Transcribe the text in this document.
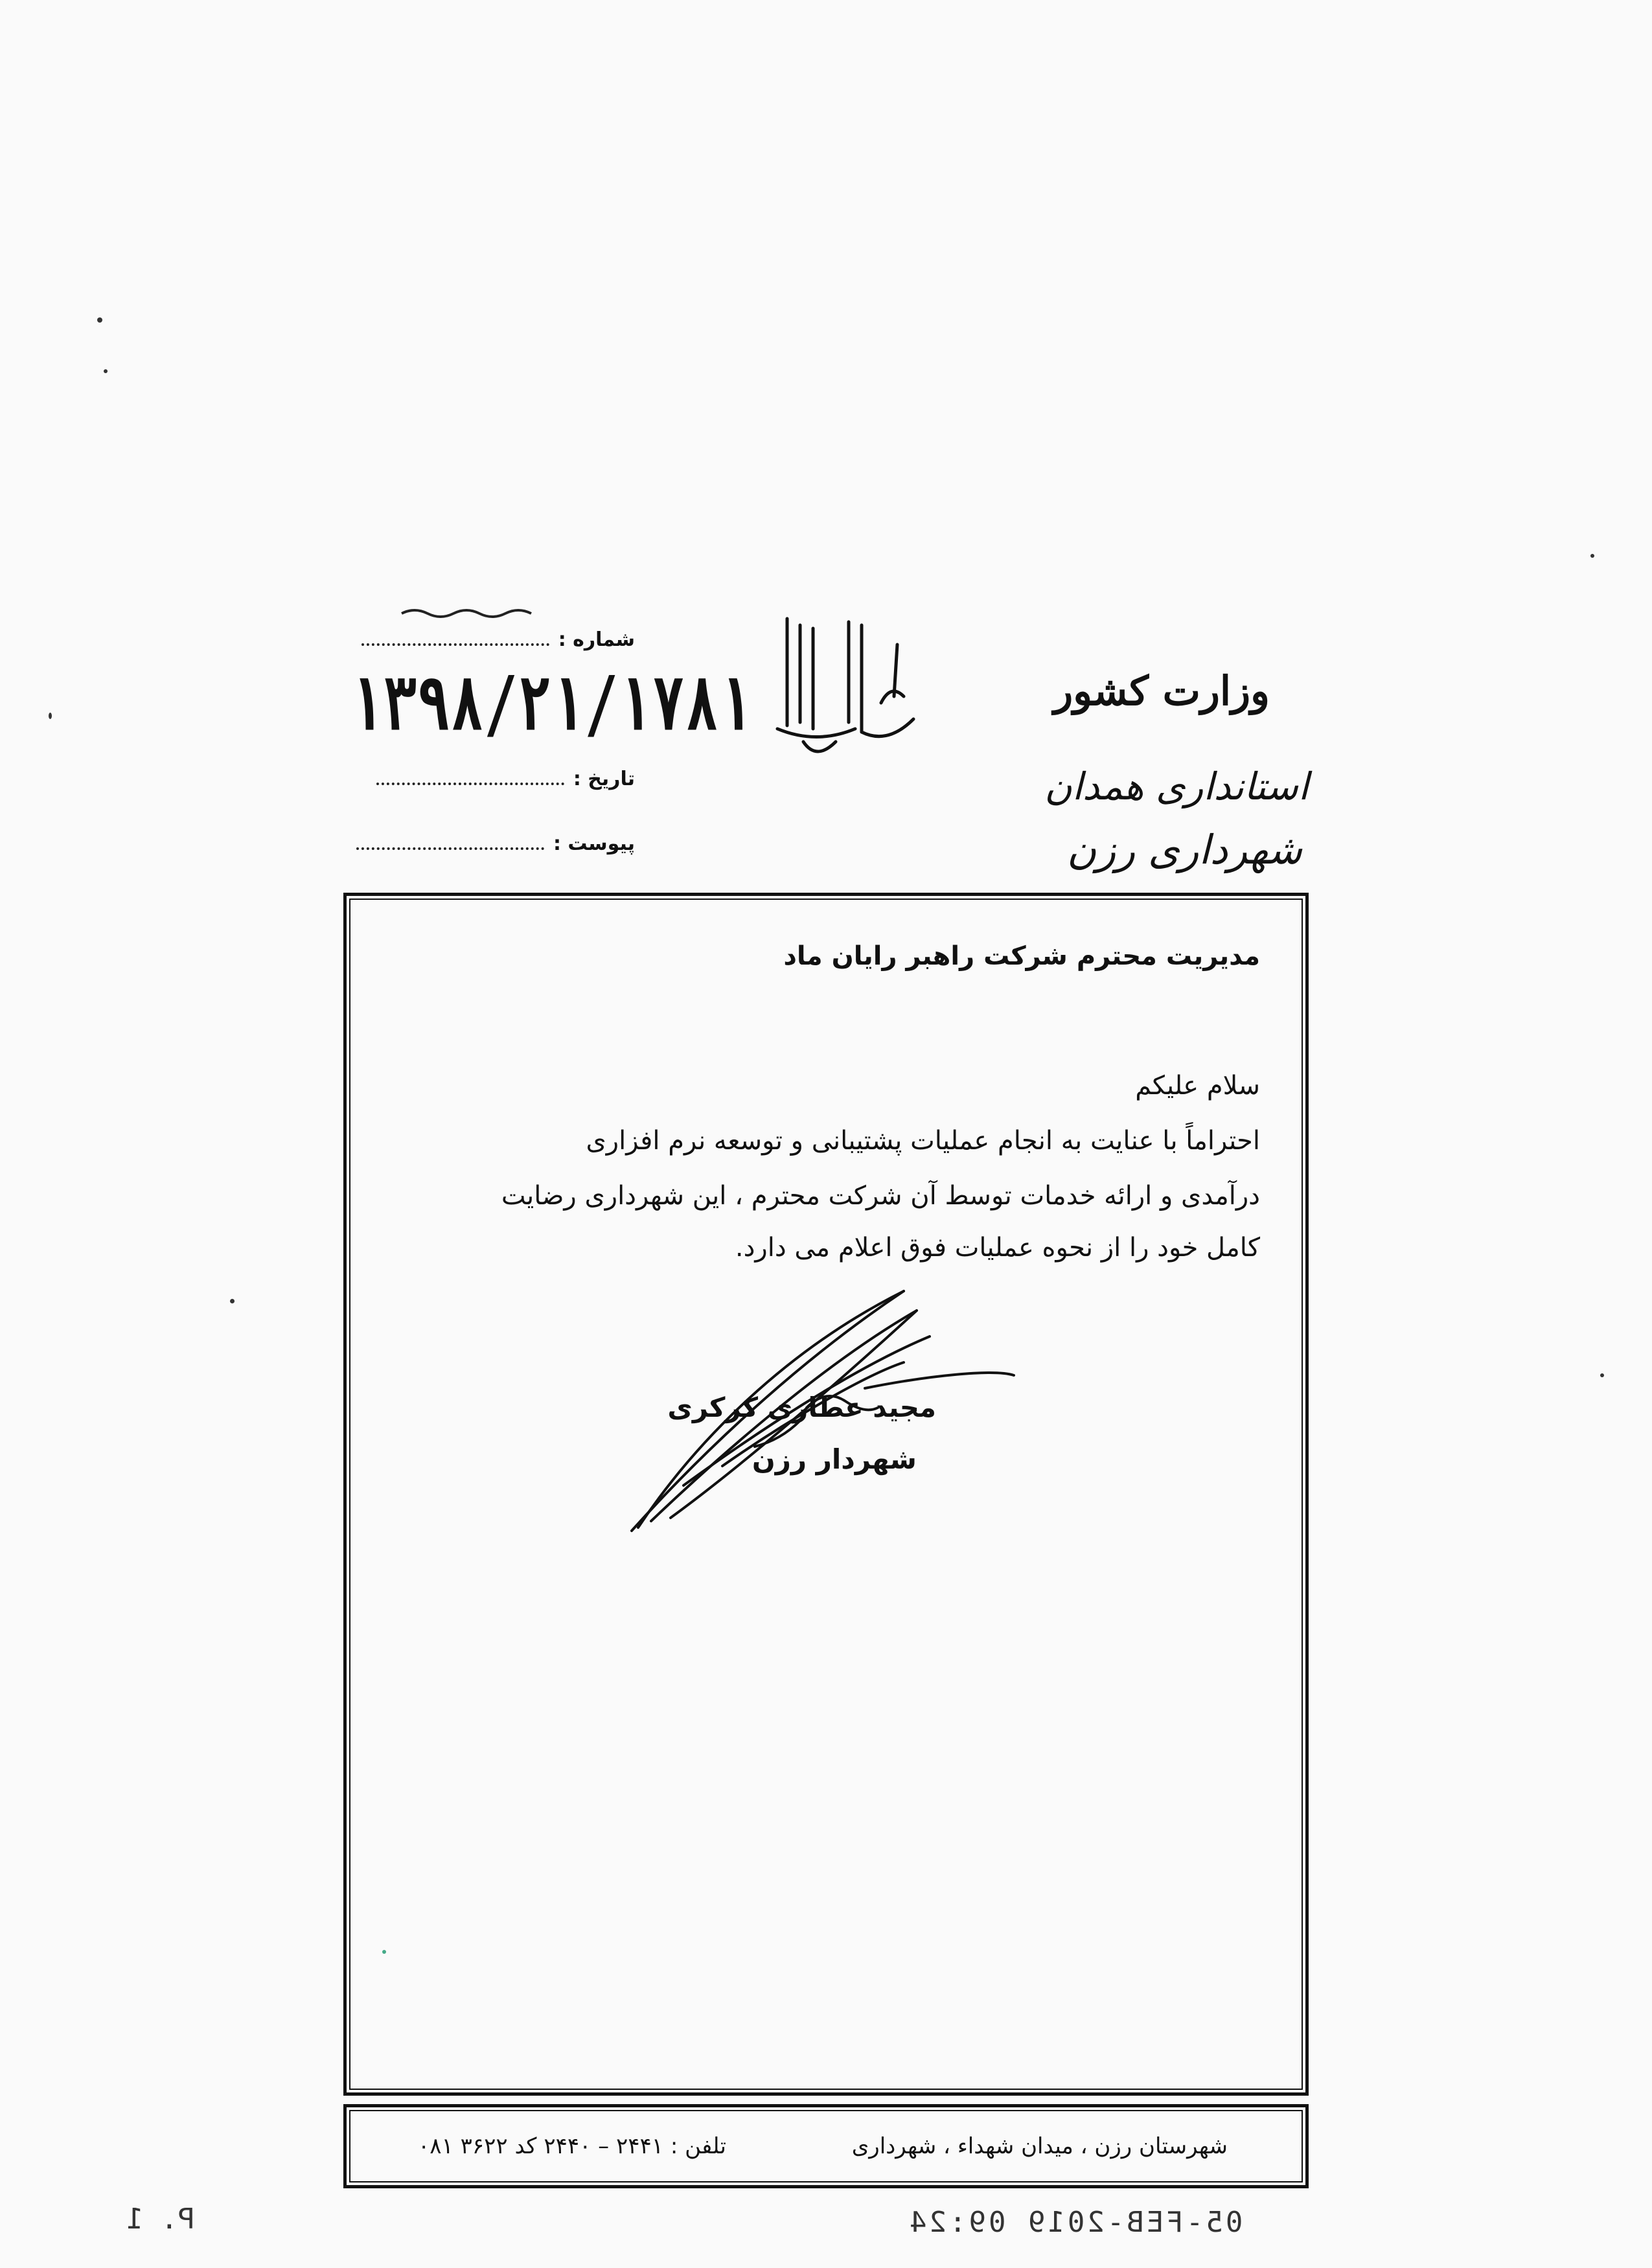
شماره :
۱۳۹۸/۲۱/۱۷۸۱
تاریخ :
پیوست :
وزارت کشور
استانداری همدان
شهرداری رزن
مدیریت محترم شرکت راهبر رایان ماد
سلام علیکم
احتراماً با عنایت به انجام عملیات پشتیبانی و توسعه نرم افزاری
درآمدی و ارائه خدمات توسط آن شرکت محترم ، این شهرداری رضایت
کامل خود را از نحوه عملیات فوق اعلام می دارد.
مجید عطاری کرکری
شهردار رزن
شهرستان رزن ، میدان شهداء ، شهرداری
تلفن : ۲۴۴۱ – ۲۴۴۰ کد ۳۶۲۲ ۰۸۱
05-FEB-2019 09:24
P. 1
